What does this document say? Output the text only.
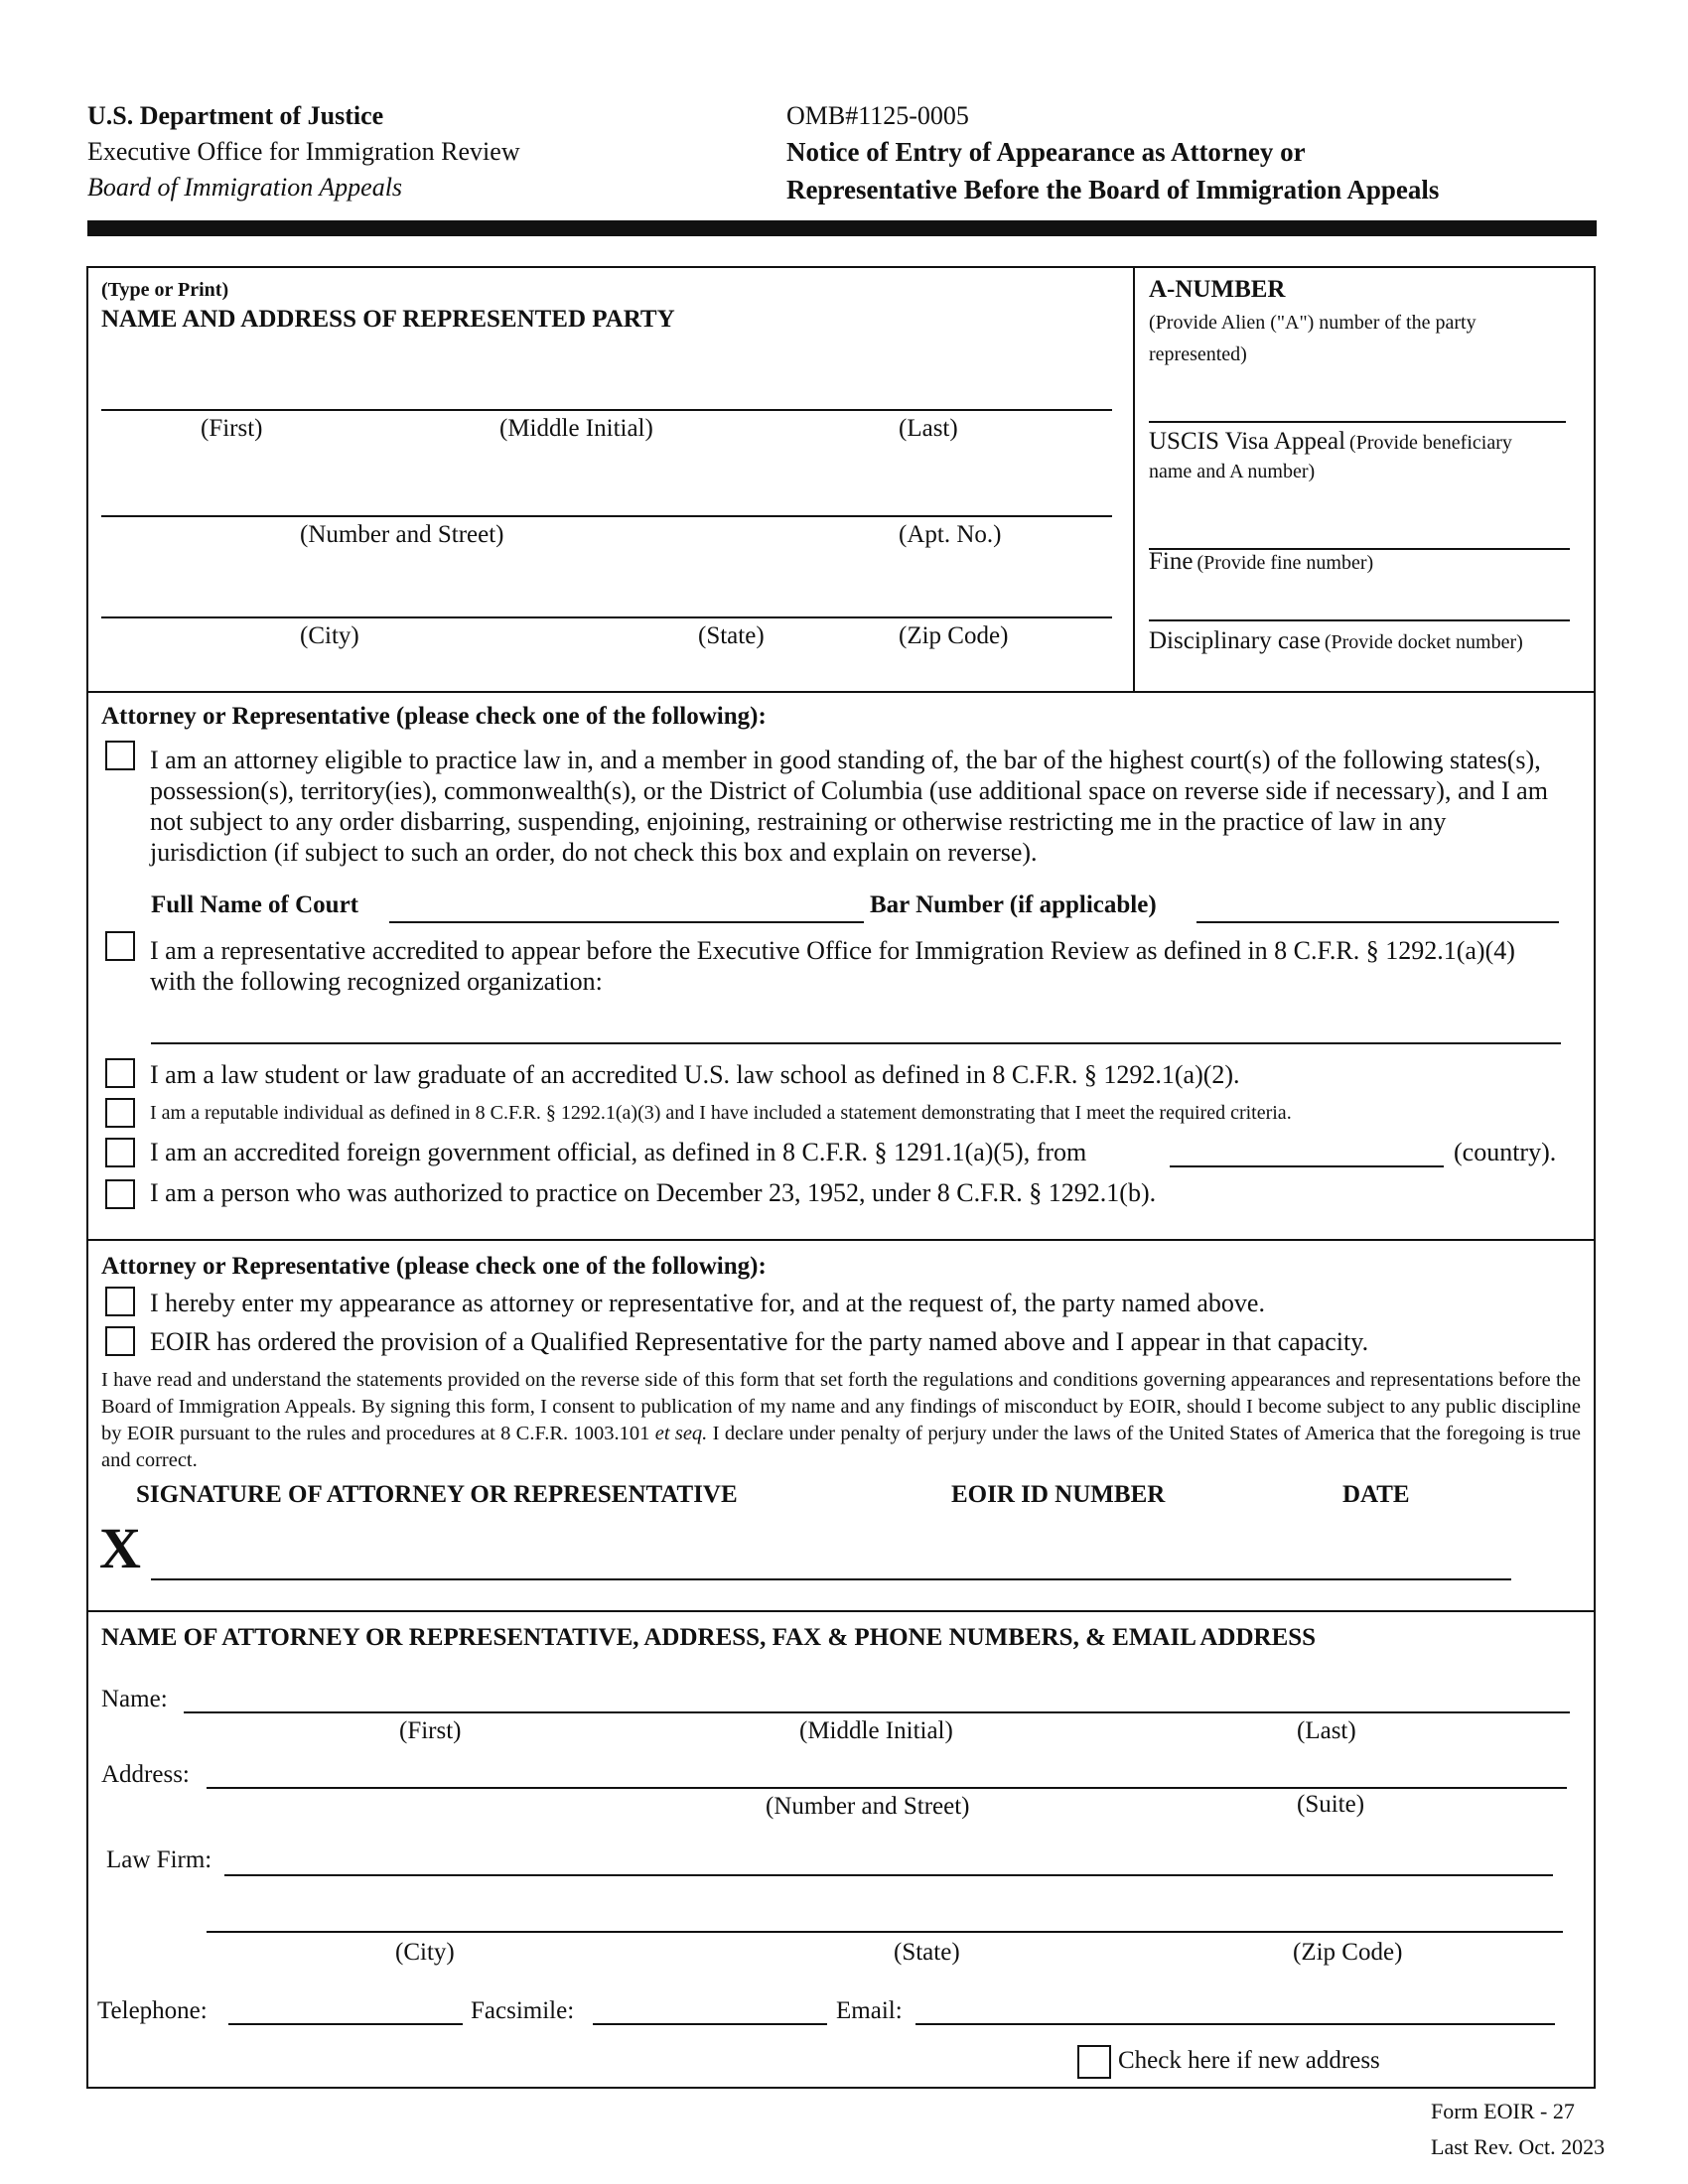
U.S. Department of Justice
Executive Office for Immigration Review
Board of Immigration Appeals
OMB#1125-0005
Notice of Entry of Appearance as Attorney or
Representative Before the Board of Immigration Appeals
(Type or Print)
NAME AND ADDRESS OF REPRESENTED PARTY
(First)	(Middle Initial)	(Last)
(Number and Street)	(Apt. No.)
(City)	(State)	(Zip Code)
A-NUMBER
(Provide Alien ("A") number of the party
represented)
USCIS Visa Appeal (Provide beneficiary
name and A number)
Fine (Provide fine number)
Disciplinary case (Provide docket number)
Attorney or Representative (please check one of the following):
I am an attorney eligible to practice law in, and a member in good standing of, the bar of the highest court(s) of the following states(s), possession(s), territory(ies), commonwealth(s), or the District of Columbia (use additional space on reverse side if necessary), and I am not subject to any order disbarring, suspending, enjoining, restraining or otherwise restricting me in the practice of law in any jurisdiction (if subject to such an order, do not check this box and explain on reverse).
Full Name of Court	Bar Number (if applicable)
I am a representative accredited to appear before the Executive Office for Immigration Review as defined in 8 C.F.R. § 1292.1(a)(4) with the following recognized organization:
I am a law student or law graduate of an accredited U.S. law school as defined in 8 C.F.R. § 1292.1(a)(2).
I am a reputable individual as defined in 8 C.F.R. § 1292.1(a)(3) and I have included a statement demonstrating that I meet the required criteria.
I am an accredited foreign government official, as defined in 8 C.F.R. § 1291.1(a)(5), from	(country).
I am a person who was authorized to practice on December 23, 1952, under 8 C.F.R. § 1292.1(b).
Attorney or Representative (please check one of the following):
I hereby enter my appearance as attorney or representative for, and at the request of, the party named above.
EOIR has ordered the provision of a Qualified Representative for the party named above and I appear in that capacity.
I have read and understand the statements provided on the reverse side of this form that set forth the regulations and conditions governing appearances and representations before the Board of Immigration Appeals. By signing this form, I consent to publication of my name and any findings of misconduct by EOIR, should I become subject to any public discipline by EOIR pursuant to the rules and procedures at 8 C.F.R. 1003.101 et seq. I declare under penalty of perjury under the laws of the United States of America that the foregoing is true and correct.
SIGNATURE OF ATTORNEY OR REPRESENTATIVE	EOIR ID NUMBER	DATE
X
NAME OF ATTORNEY OR REPRESENTATIVE, ADDRESS, FAX & PHONE NUMBERS, & EMAIL ADDRESS
Name:
(First)	(Middle Initial)	(Last)
Address:
(Number and Street)	(Suite)
Law Firm:
(City)	(State)	(Zip Code)
Telephone:	Facsimile:	Email:
Check here if new address
Form EOIR - 27
Last Rev. Oct. 2023
